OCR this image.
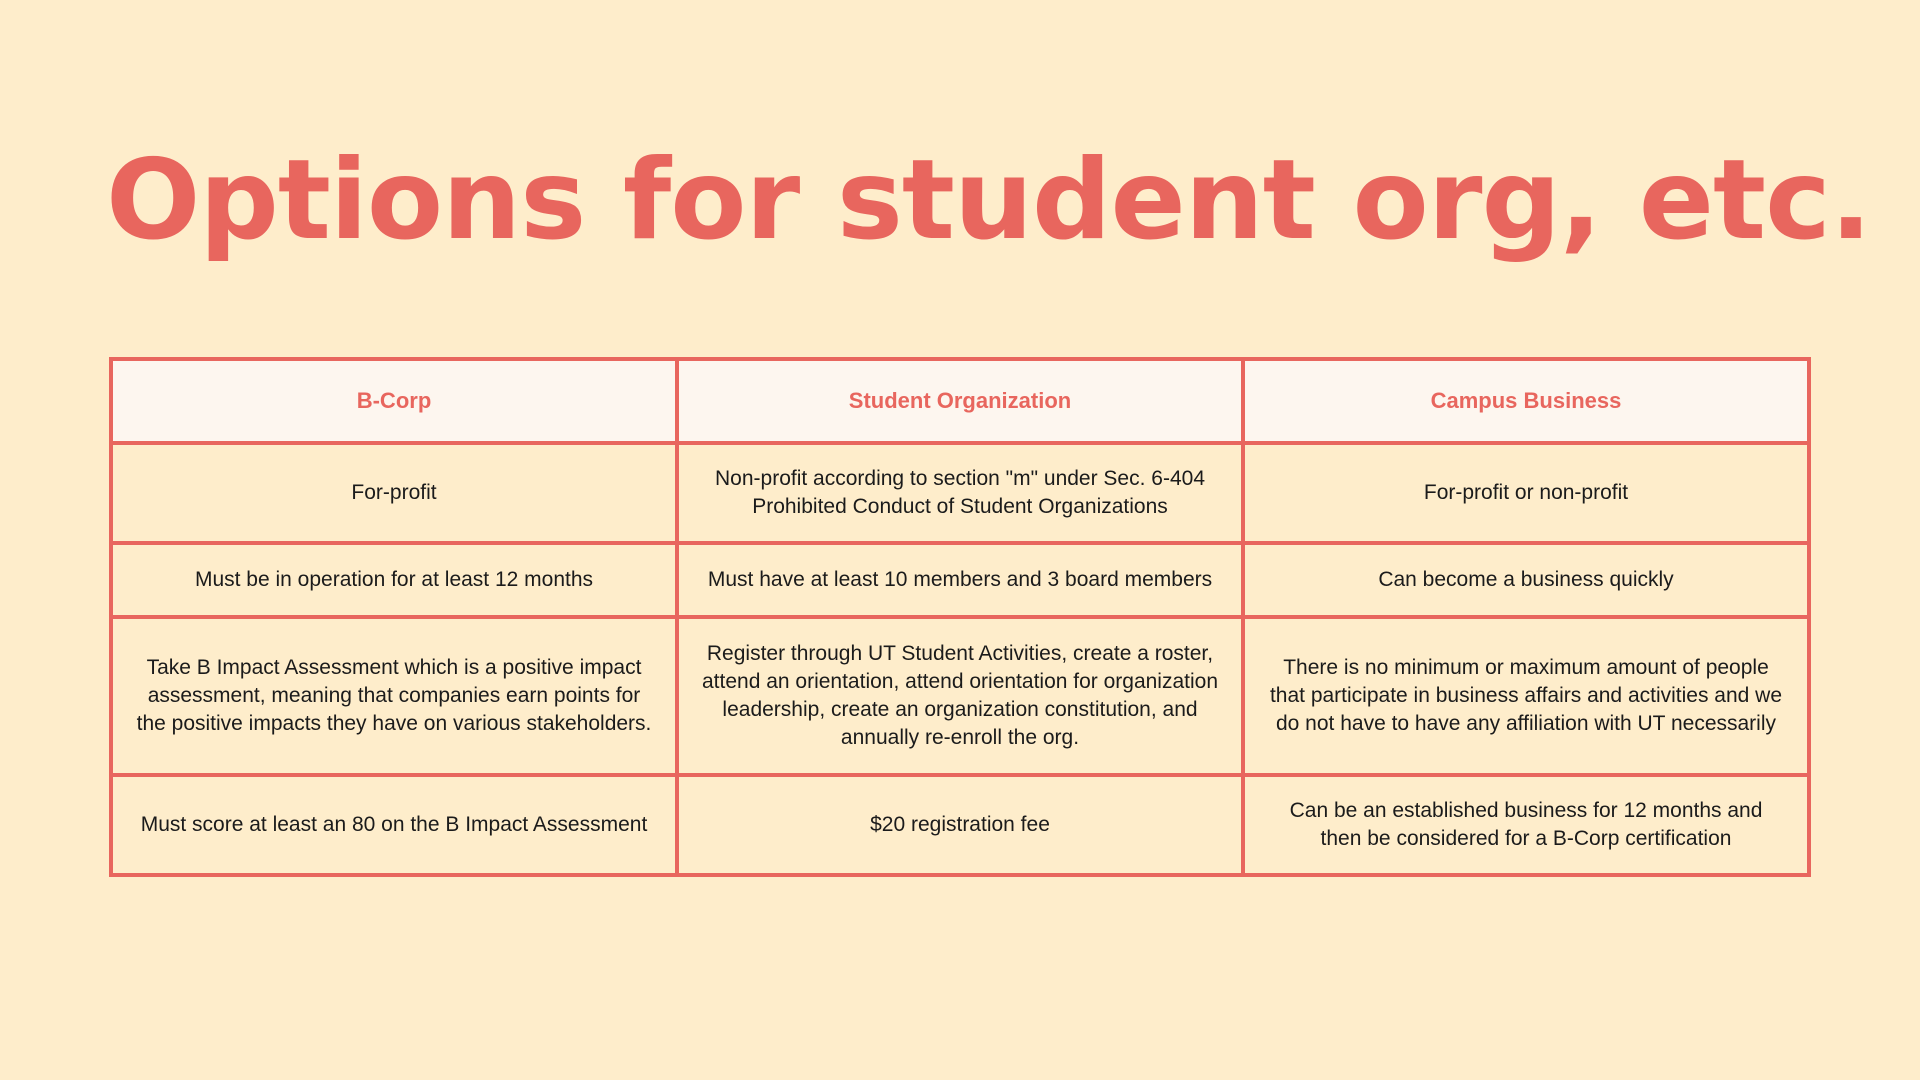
Options for student org, etc.
B-Corp	Student Organization	Campus Business
For-profit	Non-profit according to section "m" under Sec. 6-404 Prohibited Conduct of Student Organizations	For-profit or non-profit
Must be in operation for at least 12 months	Must have at least 10 members and 3 board members	Can become a business quickly
Take B Impact Assessment which is a positive impact assessment, meaning that companies earn points for the positive impacts they have on various stakeholders.	Register through UT Student Activities, create a roster, attend an orientation, attend orientation for organization leadership, create an organization constitution, and annually re-enroll the org.	There is no minimum or maximum amount of people that participate in business affairs and activities and we do not have to have any affiliation with UT necessarily
Must score at least an 80 on the B Impact Assessment	$20 registration fee	Can be an established business for 12 months and then be considered for a B-Corp certification
